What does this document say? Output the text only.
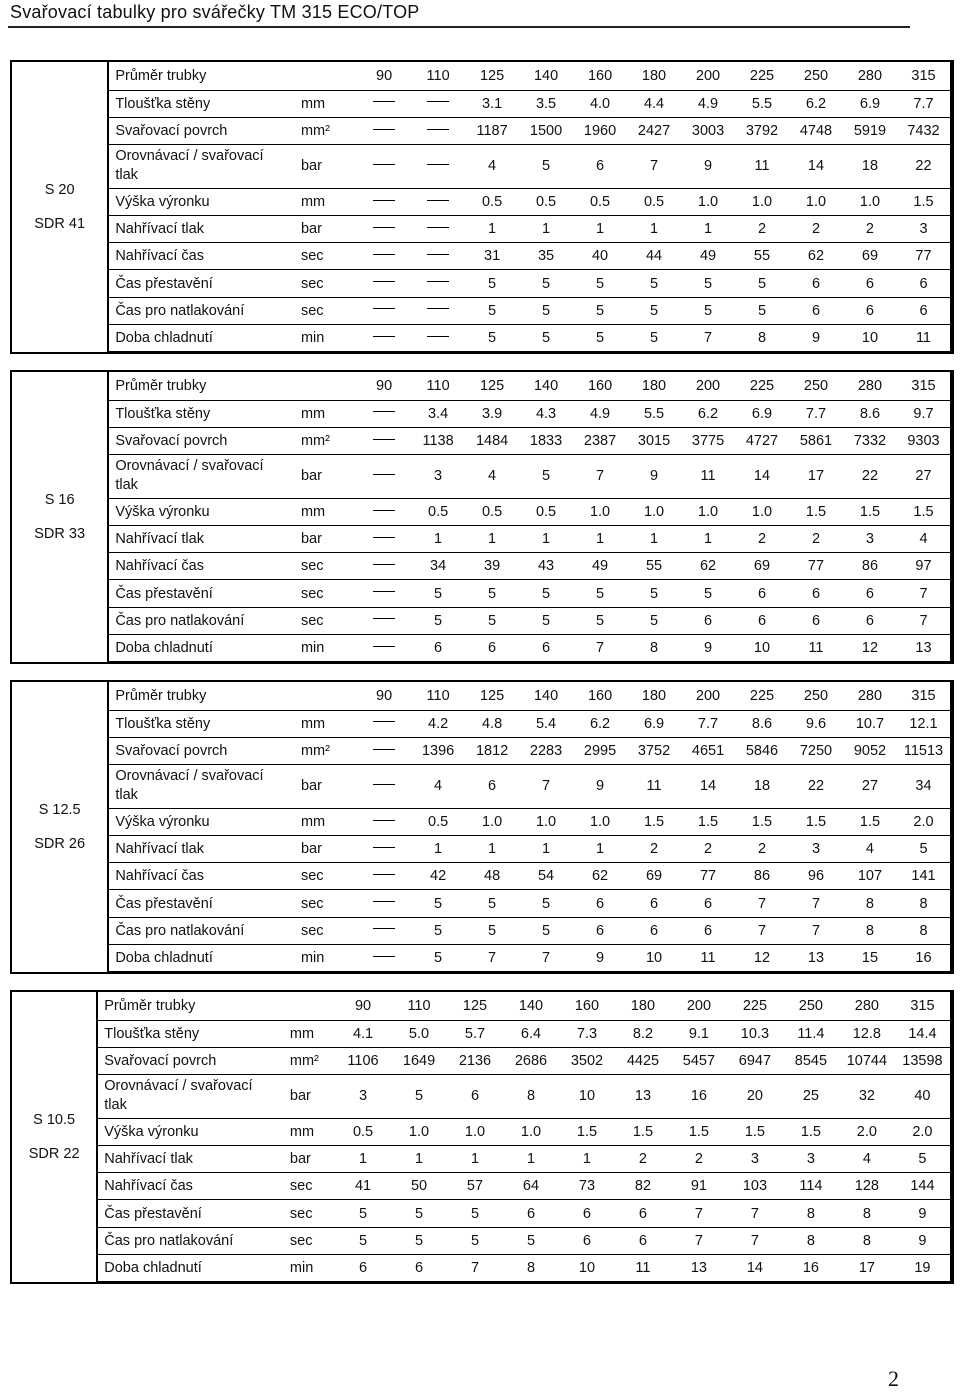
Svařovací tabulky pro svářečky TM 315 ECO/TOP
S 20
SDR 41	Průměr trubky		90	110	125	140	160	180	200	225	250	280	315
	Tloušťka stěny	mm			3.1	3.5	4.0	4.4	4.9	5.5	6.2	6.9	7.7
	Svařovací povrch	mm²			1187	1500	1960	2427	3003	3792	4748	5919	7432
	Orovnávací / svařovací tlak	bar			4	5	6	7	9	11	14	18	22
	Výška výronku	mm			0.5	0.5	0.5	0.5	1.0	1.0	1.0	1.0	1.5
	Nahřívací tlak	bar			1	1	1	1	1	2	2	2	3
	Nahřívací čas	sec			31	35	40	44	49	55	62	69	77
	Čas přestavění	sec			5	5	5	5	5	5	6	6	6
	Čas pro natlakování	sec			5	5	5	5	5	5	6	6	6
	Doba chladnutí	min			5	5	5	5	7	8	9	10	11
S 16
SDR 33	Průměr trubky		90	110	125	140	160	180	200	225	250	280	315
	Tloušťka stěny	mm		3.4	3.9	4.3	4.9	5.5	6.2	6.9	7.7	8.6	9.7
	Svařovací povrch	mm²		1138	1484	1833	2387	3015	3775	4727	5861	7332	9303
	Orovnávací / svařovací tlak	bar		3	4	5	7	9	11	14	17	22	27
	Výška výronku	mm		0.5	0.5	0.5	1.0	1.0	1.0	1.0	1.5	1.5	1.5
	Nahřívací tlak	bar		1	1	1	1	1	1	2	2	3	4
	Nahřívací čas	sec		34	39	43	49	55	62	69	77	86	97
	Čas přestavění	sec		5	5	5	5	5	5	6	6	6	7
	Čas pro natlakování	sec		5	5	5	5	5	6	6	6	6	7
	Doba chladnutí	min		6	6	6	7	8	9	10	11	12	13
S 12.5
SDR 26	Průměr trubky		90	110	125	140	160	180	200	225	250	280	315
	Tloušťka stěny	mm		4.2	4.8	5.4	6.2	6.9	7.7	8.6	9.6	10.7	12.1
	Svařovací povrch	mm²		1396	1812	2283	2995	3752	4651	5846	7250	9052	11513
	Orovnávací / svařovací tlak	bar		4	6	7	9	11	14	18	22	27	34
	Výška výronku	mm		0.5	1.0	1.0	1.0	1.5	1.5	1.5	1.5	1.5	2.0
	Nahřívací tlak	bar		1	1	1	1	2	2	2	3	4	5
	Nahřívací čas	sec		42	48	54	62	69	77	86	96	107	141
	Čas přestavění	sec		5	5	5	6	6	6	7	7	8	8
	Čas pro natlakování	sec		5	5	5	6	6	6	7	7	8	8
	Doba chladnutí	min		5	7	7	9	10	11	12	13	15	16
S 10.5
SDR 22	Průměr trubky		90	110	125	140	160	180	200	225	250	280	315
	Tloušťka stěny	mm	4.1	5.0	5.7	6.4	7.3	8.2	9.1	10.3	11.4	12.8	14.4
	Svařovací povrch	mm²	1106	1649	2136	2686	3502	4425	5457	6947	8545	10744	13598
	Orovnávací / svařovací tlak	bar	3	5	6	8	10	13	16	20	25	32	40
	Výška výronku	mm	0.5	1.0	1.0	1.0	1.5	1.5	1.5	1.5	1.5	2.0	2.0
	Nahřívací tlak	bar	1	1	1	1	1	2	2	3	3	4	5
	Nahřívací čas	sec	41	50	57	64	73	82	91	103	114	128	144
	Čas přestavění	sec	5	5	5	6	6	6	7	7	8	8	9
	Čas pro natlakování	sec	5	5	5	5	6	6	7	7	8	8	9
	Doba chladnutí	min	6	6	7	8	10	11	13	14	16	17	19
2
